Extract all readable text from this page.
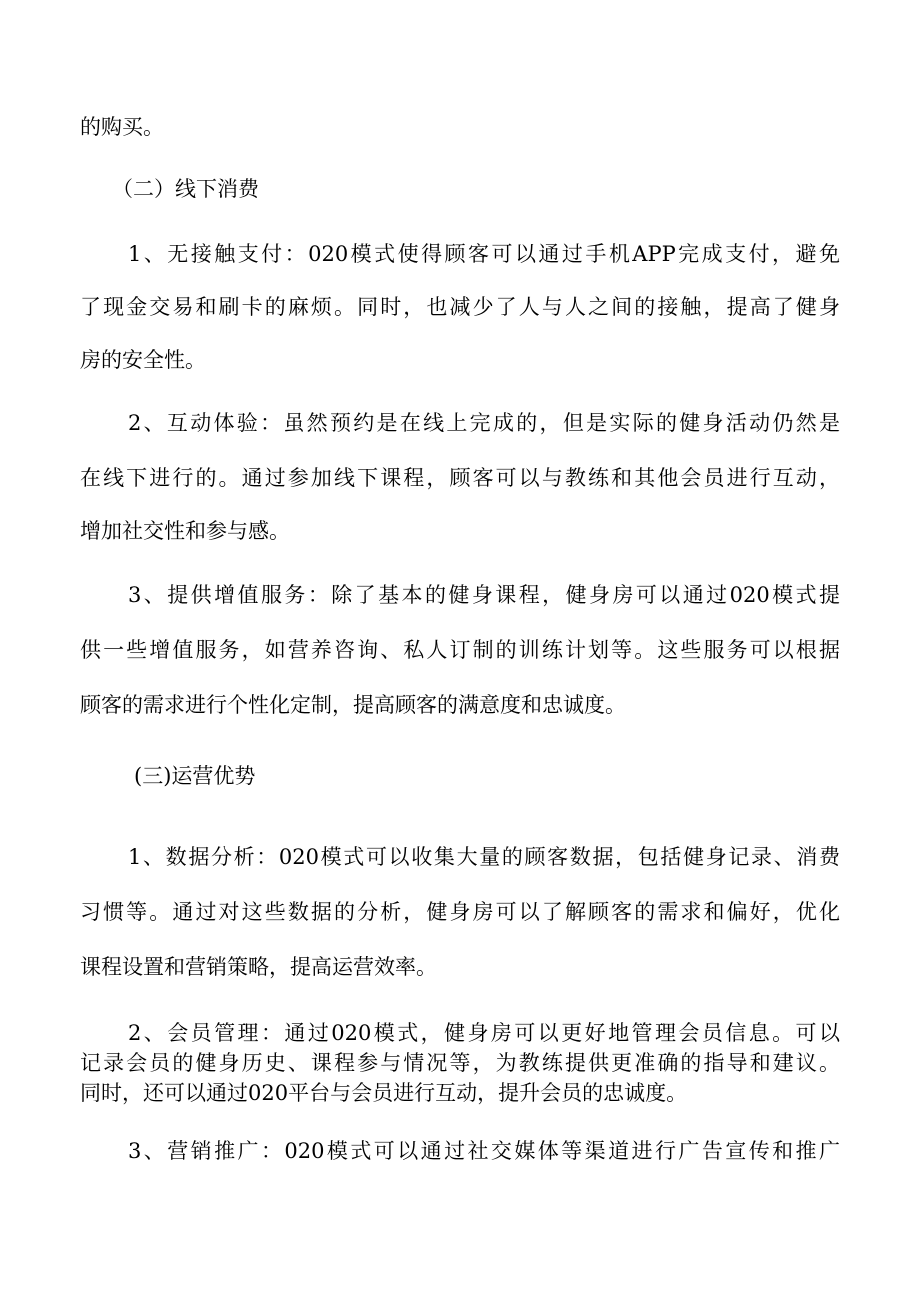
的购买。
（二）线下消费
1、无接触支付：020模式使得顾客可以通过手机APP完成支付，避免
了现金交易和刷卡的麻烦。同时，也减少了人与人之间的接触，提高了健身
房的安全性。
2、互动体验：虽然预约是在线上完成的，但是实际的健身活动仍然是
在线下进行的。通过参加线下课程，顾客可以与教练和其他会员进行互动，
增加社交性和参与感。
3、提供增值服务：除了基本的健身课程，健身房可以通过020模式提
供一些增值服务，如营养咨询、私人订制的训练计划等。这些服务可以根据
顾客的需求进行个性化定制，提高顾客的满意度和忠诚度。
(三)运营优势
1、数据分析：020模式可以收集大量的顾客数据，包括健身记录、消费
习惯等。通过对这些数据的分析，健身房可以了解顾客的需求和偏好，优化
课程设置和营销策略，提高运营效率。
2、会员管理：通过020模式，健身房可以更好地管理会员信息。可以
记录会员的健身历史、课程参与情况等，为教练提供更准确的指导和建议。
同时，还可以通过020平台与会员进行互动，提升会员的忠诚度。
3、营销推广：020模式可以通过社交媒体等渠道进行广告宣传和推广
